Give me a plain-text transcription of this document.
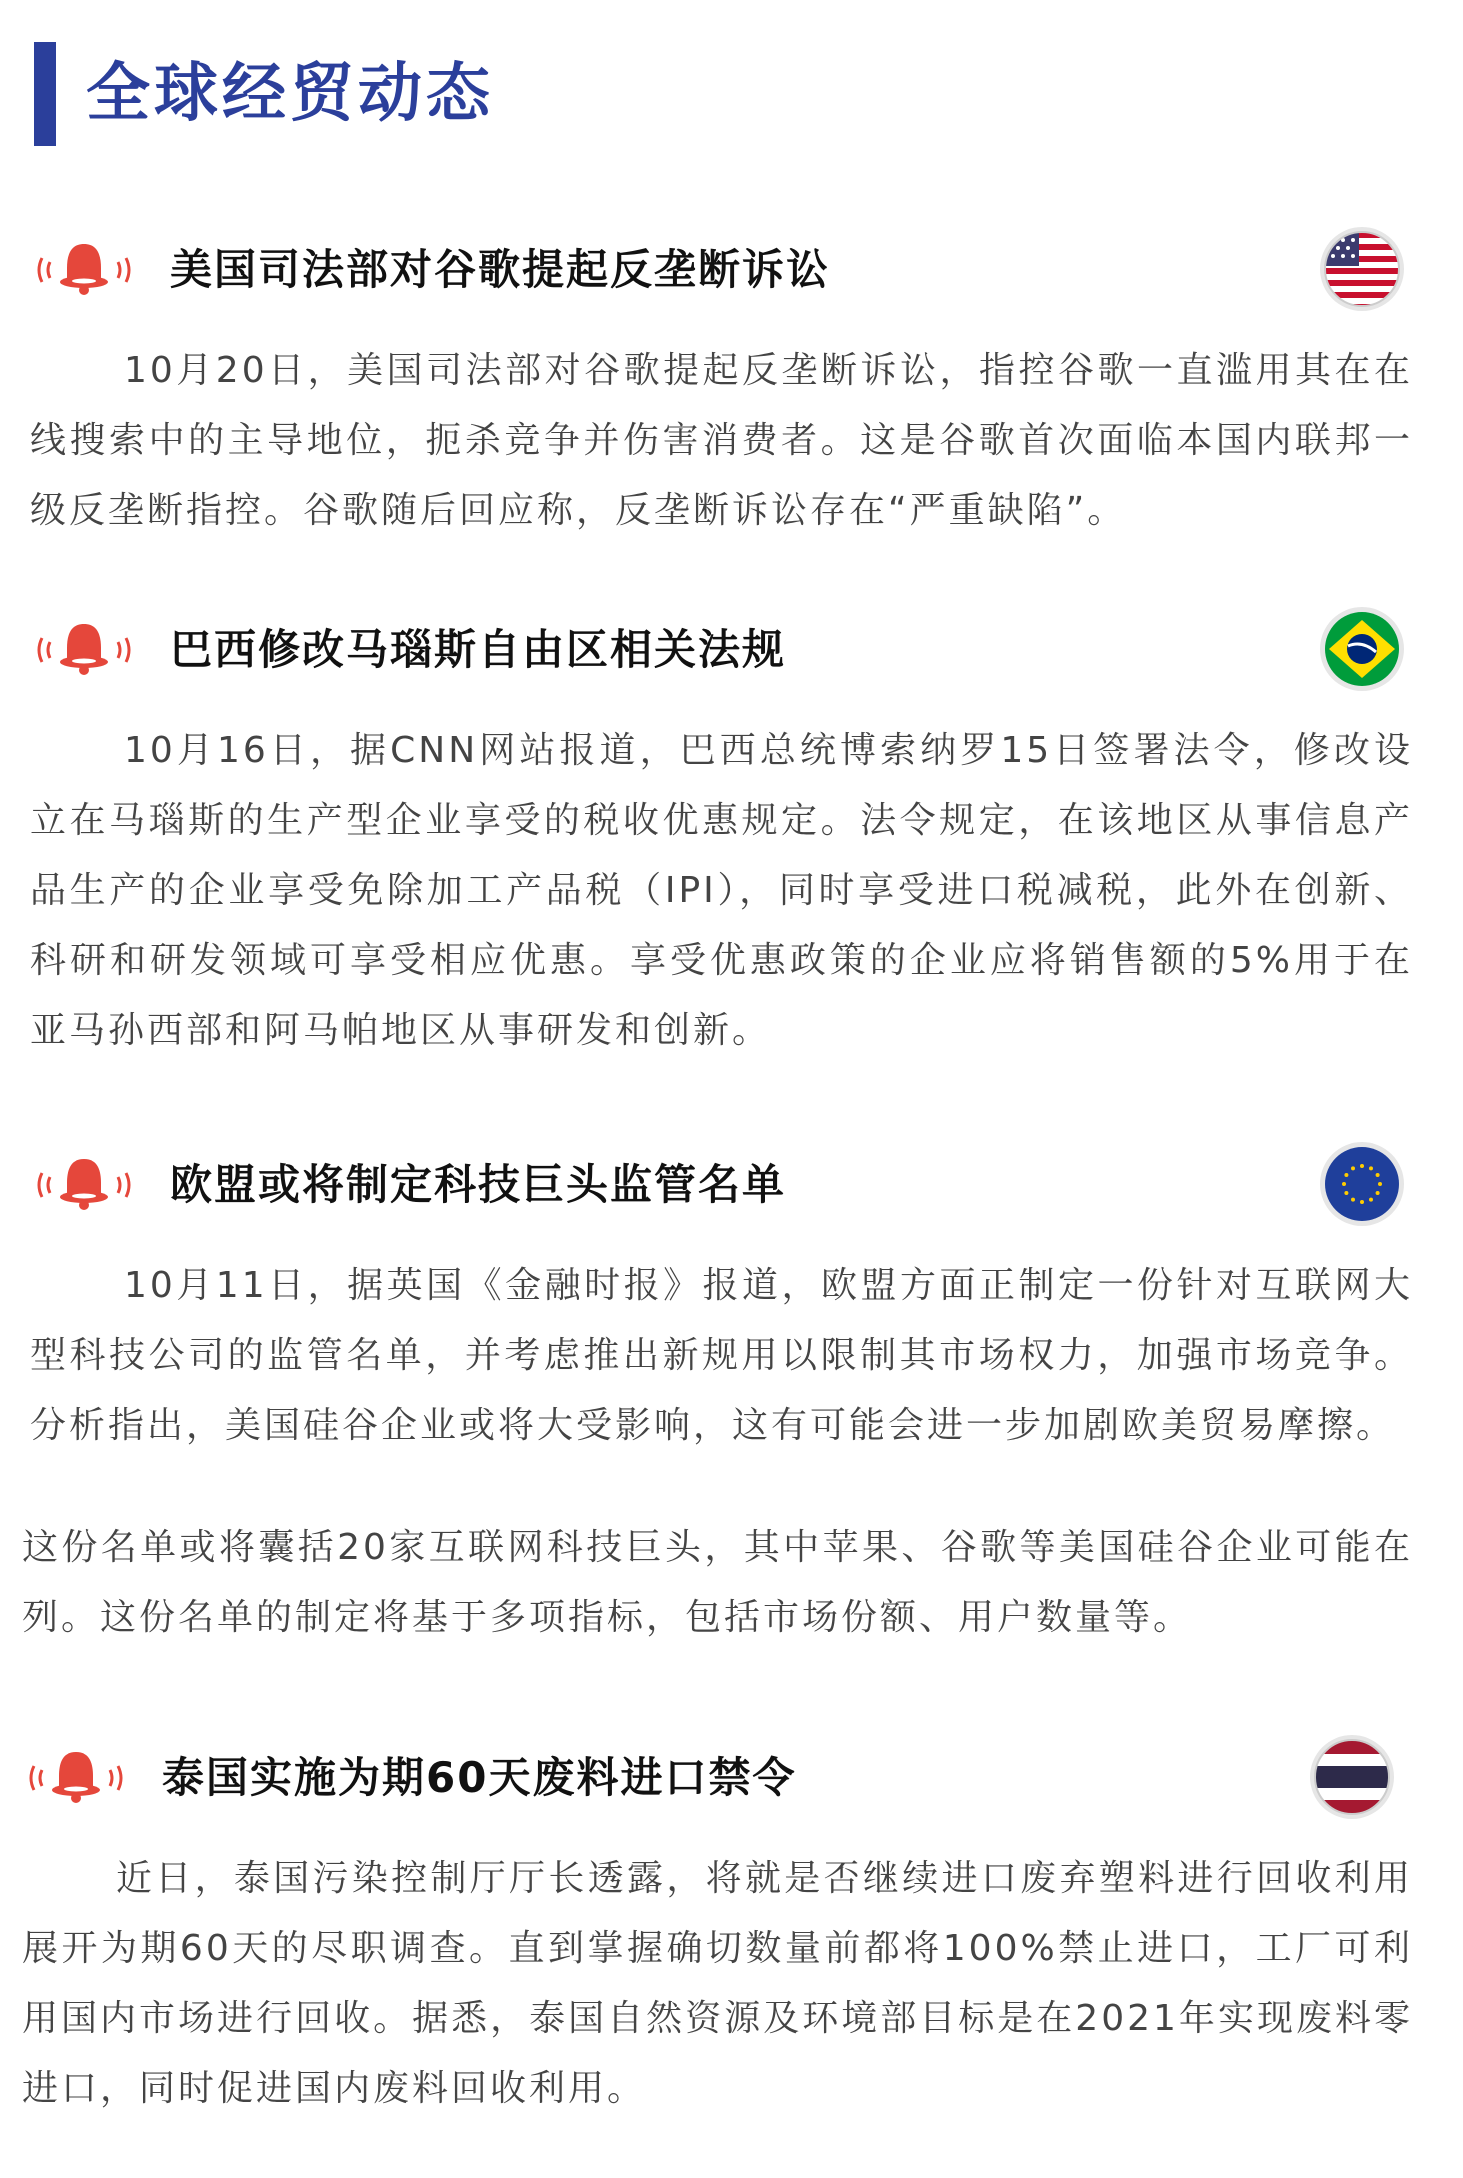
全球经贸动态
美国司法部对谷歌提起反垄断诉讼

10月20日，美国司法部对谷歌提起反垄断诉讼，指控谷歌一直滥用其在在线搜索中的主导地位，扼杀竞争并伤害消费者。这是谷歌首次面临本国内联邦一级反垄断指控。谷歌随后回应称，反垄断诉讼存在“严重缺陷”。

巴西修改马瑙斯自由区相关法规

10月16日，据CNN网站报道，巴西总统博索纳罗15日签署法令，修改设立在马瑙斯的生产型企业享受的税收优惠规定。法令规定，在该地区从事信息产品生产的企业享受免除加工产品税（IPI），同时享受进口税减税，此外在创新、科研和研发领域可享受相应优惠。享受优惠政策的企业应将销售额的5%用于在亚马孙西部和阿马帕地区从事研发和创新。

欧盟或将制定科技巨头监管名单

10月11日，据英国《金融时报》报道，欧盟方面正制定一份针对互联网大型科技公司的监管名单，并考虑推出新规用以限制其市场权力，加强市场竞争。分析指出，美国硅谷企业或将大受影响，这有可能会进一步加剧欧美贸易摩擦。

这份名单或将囊括20家互联网科技巨头，其中苹果、谷歌等美国硅谷企业可能在列。这份名单的制定将基于多项指标，包括市场份额、用户数量等。

泰国实施为期60天废料进口禁令

近日，泰国污染控制厅厅长透露，将就是否继续进口废弃塑料进行回收利用展开为期60天的尽职调查。直到掌握确切数量前都将100%禁止进口，工厂可利用国内市场进行回收。据悉，泰国自然资源及环境部目标是在2021年实现废料零进口，同时促进国内废料回收利用。
